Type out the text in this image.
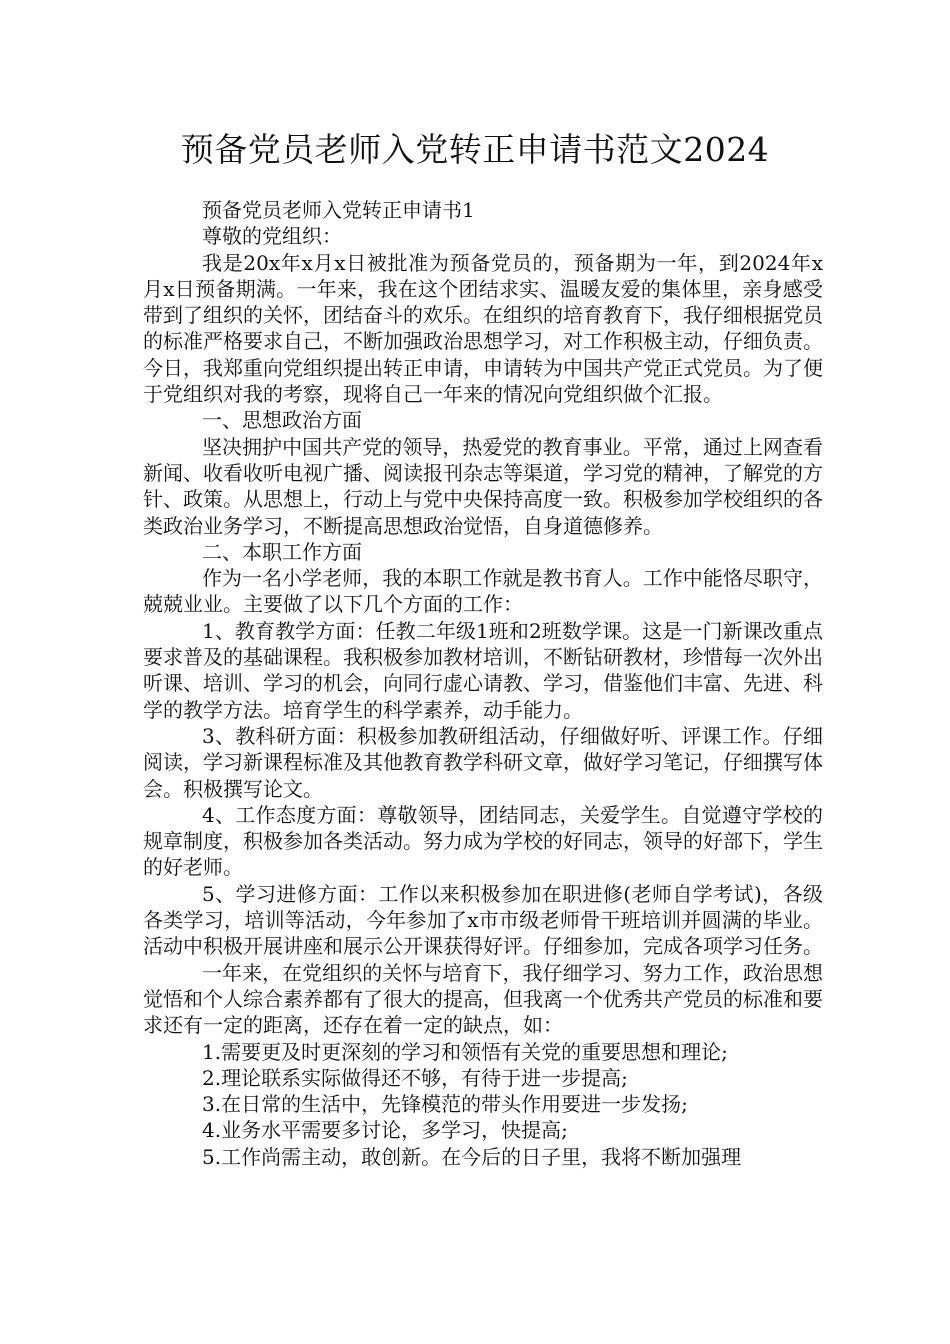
预备党员老师入党转正申请书范文2024

预备党员老师入党转正申请书1

尊敬的党组织：

我是20x年x月x日被批准为预备党员的，预备期为一年，到2024年x月x日预备期满。一年来，我在这个团结求实、温暖友爱的集体里，亲身感受带到了组织的关怀，团结奋斗的欢乐。在组织的培育教育下，我仔细根据党员的标准严格要求自己，不断加强政治思想学习，对工作积极主动，仔细负责。今日，我郑重向党组织提出转正申请，申请转为中国共产党正式党员。为了便于党组织对我的考察，现将自己一年来的情况向党组织做个汇报。

一、思想政治方面

坚决拥护中国共产党的领导，热爱党的教育事业。平常，通过上网查看新闻、收看收听电视广播、阅读报刊杂志等渠道，学习党的精神，了解党的方针、政策。从思想上，行动上与党中央保持高度一致。积极参加学校组织的各类政治业务学习，不断提高思想政治觉悟，自身道德修养。

二、本职工作方面

作为一名小学老师，我的本职工作就是教书育人。工作中能恪尽职守，兢兢业业。主要做了以下几个方面的工作：

1、教育教学方面：任教二年级1班和2班数学课。这是一门新课改重点要求普及的基础课程。我积极参加教材培训，不断钻研教材，珍惜每一次外出听课、培训、学习的机会，向同行虚心请教、学习，借鉴他们丰富、先进、科学的教学方法。培育学生的科学素养，动手能力。

3、教科研方面：积极参加教研组活动，仔细做好听、评课工作。仔细阅读，学习新课程标准及其他教育教学科研文章，做好学习笔记，仔细撰写体会。积极撰写论文。

4、工作态度方面：尊敬领导，团结同志，关爱学生。自觉遵守学校的规章制度，积极参加各类活动。努力成为学校的好同志，领导的好部下，学生的好老师。

5、学习进修方面：工作以来积极参加在职进修(老师自学考试)，各级各类学习，培训等活动，今年参加了x市市级老师骨干班培训并圆满的毕业。活动中积极开展讲座和展示公开课获得好评。仔细参加，完成各项学习任务。

一年来，在党组织的关怀与培育下，我仔细学习、努力工作，政治思想觉悟和个人综合素养都有了很大的提高，但我离一个优秀共产党员的标准和要求还有一定的距离，还存在着一定的缺点，如：

1.需要更及时更深刻的学习和领悟有关党的重要思想和理论;

2.理论联系实际做得还不够，有待于进一步提高;

3.在日常的生活中，先锋模范的带头作用要进一步发扬;

4.业务水平需要多讨论，多学习，快提高;

5.工作尚需主动，敢创新。在今后的日子里，我将不断加强理
